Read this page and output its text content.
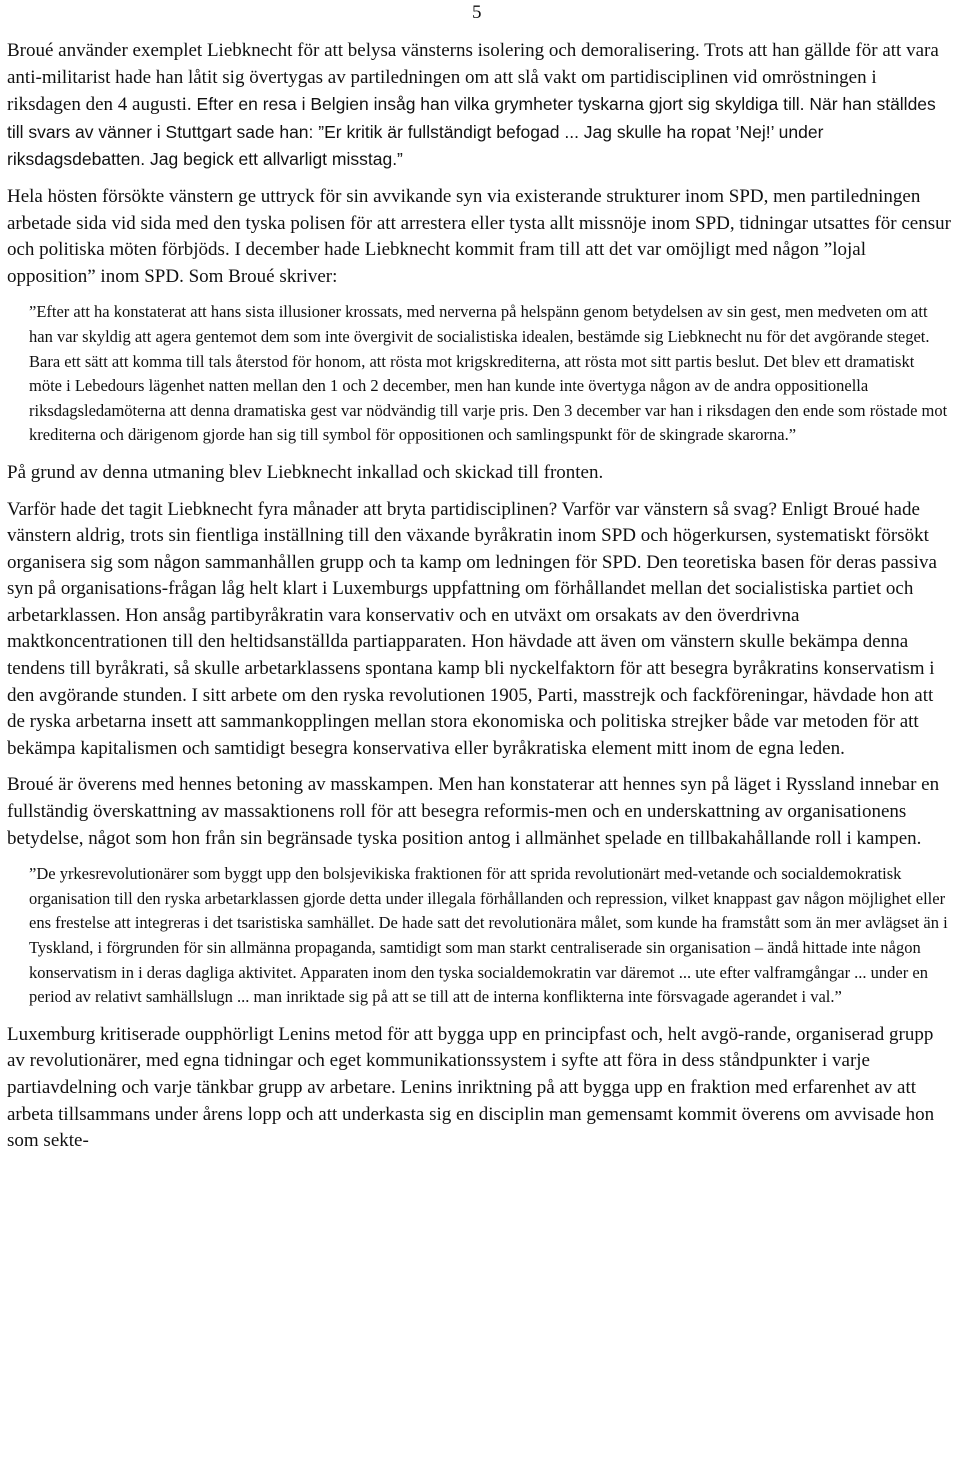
5

Broué använder exemplet Liebknecht för att belysa vänsterns isolering och demoralisering. Trots att han gällde för att vara anti-militarist hade han låtit sig övertygas av partiledningen om att slå vakt om partidisciplinen vid omröstningen i riksdagen den 4 augusti. Efter en resa i Belgien insåg han vilka grymheter tyskarna gjort sig skyldiga till. När han ställdes till svars av vänner i Stuttgart sade han: ”Er kritik är fullständigt befogad ... Jag skulle ha ropat ’Nej!’ under riksdagsdebatten. Jag begick ett allvarligt misstag.”

Hela hösten försökte vänstern ge uttryck för sin avvikande syn via existerande strukturer inom SPD, men partiledningen arbetade sida vid sida med den tyska polisen för att arrestera eller tysta allt missnöje inom SPD, tidningar utsattes för censur och politiska möten förbjöds. I december hade Liebknecht kommit fram till att det var omöjligt med någon ”lojal opposition” inom SPD. Som Broué skriver:

”Efter att ha konstaterat att hans sista illusioner krossats, med nerverna på helspänn genom betydelsen av sin gest, men medveten om att han var skyldig att agera gentemot dem som inte övergivit de socialistiska idealen, bestämde sig Liebknecht nu för det avgörande steget. Bara ett sätt att komma till tals återstod för honom, att rösta mot krigskrediterna, att rösta mot sitt partis beslut. Det blev ett dramatiskt möte i Lebedours lägenhet natten mellan den 1 och 2 december, men han kunde inte övertyga någon av de andra oppositionella riksdagsledamöterna att denna dramatiska gest var nödvändig till varje pris. Den 3 december var han i riksdagen den ende som röstade mot krediterna och därigenom gjorde han sig till symbol för oppositionen och samlingspunkt för de skingrade skarorna.”

På grund av denna utmaning blev Liebknecht inkallad och skickad till fronten.

Varför hade det tagit Liebknecht fyra månader att bryta partidisciplinen? Varför var vänstern så svag? Enligt Broué hade vänstern aldrig, trots sin fientliga inställning till den växande byråkratin inom SPD och högerkursen, systematiskt försökt organisera sig som någon sammanhållen grupp och ta kamp om ledningen för SPD. Den teoretiska basen för deras passiva syn på organisations-frågan låg helt klart i Luxemburgs uppfattning om förhållandet mellan det socialistiska partiet och arbetarklassen. Hon ansåg partibyråkratin vara konservativ och en utväxt om orsakats av den överdrivna maktkoncentrationen till den heltidsanställda partiapparaten. Hon hävdade att även om vänstern skulle bekämpa denna tendens till byråkrati, så skulle arbetarklassens spontana kamp bli nyckelfaktorn för att besegra byråkratins konservatism i den avgörande stunden. I sitt arbete om den ryska revolutionen 1905, Parti, masstrejk och fackföreningar, hävdade hon att de ryska arbetarna insett att sammankopplingen mellan stora ekonomiska och politiska strejker både var metoden för att bekämpa kapitalismen och samtidigt besegra konservativa eller byråkratiska element mitt inom de egna leden.

Broué är överens med hennes betoning av masskampen. Men han konstaterar att hennes syn på läget i Ryssland innebar en fullständig överskattning av massaktionens roll för att besegra reformis-men och en underskattning av organisationens betydelse, något som hon från sin begränsade tyska position antog i allmänhet spelade en tillbakahållande roll i kampen.

”De yrkesrevolutionärer som byggt upp den bolsjevikiska fraktionen för att sprida revolutionärt med-vetande och socialdemokratisk organisation till den ryska arbetarklassen gjorde detta under illegala förhållanden och repression, vilket knappast gav någon möjlighet eller ens frestelse att integreras i det tsaristiska samhället. De hade satt det revolutionära målet, som kunde ha framstått som än mer avlägset än i Tyskland, i förgrunden för sin allmänna propaganda, samtidigt som man starkt centraliserade sin organisation – ändå hittade inte någon konservatism in i deras dagliga aktivitet. Apparaten inom den tyska socialdemokratin var däremot ... ute efter valframgångar ... under en period av relativt samhällslugn ... man inriktade sig på att se till att de interna konflikterna inte försvagade agerandet i val.”

Luxemburg kritiserade oupphörligt Lenins metod för att bygga upp en principfast och, helt avgö-rande, organiserad grupp av revolutionärer, med egna tidningar och eget kommunikationssystem i syfte att föra in dess ståndpunkter i varje partiavdelning och varje tänkbar grupp av arbetare. Lenins inriktning på att bygga upp en fraktion med erfarenhet av att arbeta tillsammans under årens lopp och att underkasta sig en disciplin man gemensamt kommit överens om avvisade hon som sekte-
